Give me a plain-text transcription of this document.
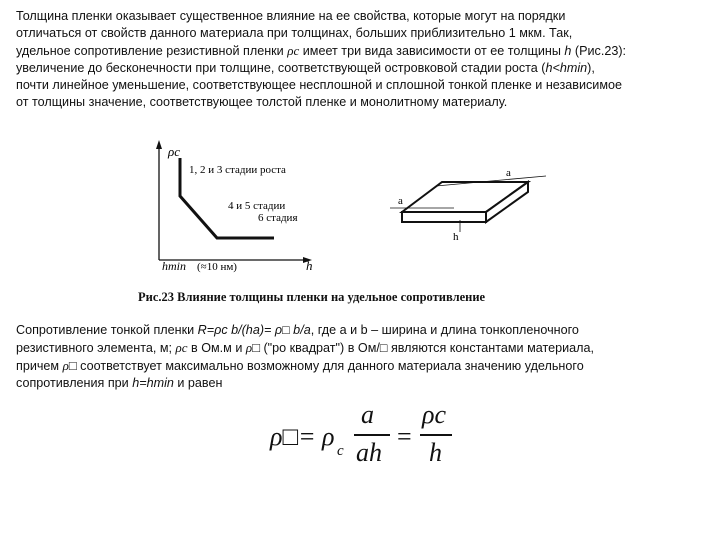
Толщина пленки оказывает существенное влияние на ее свойства, которые могут на порядки
отличаться от свойств данного материала при толщинах, больших приблизительно 1 мкм. Так,
удельное сопротивление резистивной пленки ρc имеет три вида зависимости от ее толщины h (Рис.23):
увеличение до бесконечности при толщине, соответствующей островковой стадии роста (h<hmin),
почти линейное уменьшение, соответствующее несплошной и сплошной тонкой пленке и независимое
от толщины значение, соответствующее толстой пленке и монолитному материалу.
ρc
h
1, 2 и 3 стадии роста
4 и 5 стадии
6 стадия
hmin (≈10 нм)
a
a
h
Рис.23 Влияние толщины пленки на удельное сопротивление
Сопротивление тонкой пленки R=ρc b/(ha)= ρ□ b/a, где a и b – ширина и длина тонкопленочного
резистивного элемента, м; ρc в Ом.м и ρ□ ("ро квадрат") в Ом/□ являются константами материала,
причем ρ□ соответствует максимально возможному для данного материала значению удельного
сопротивления при h=hmin и равен
ρ□= ρ c
a
ah
=
ρc
h
